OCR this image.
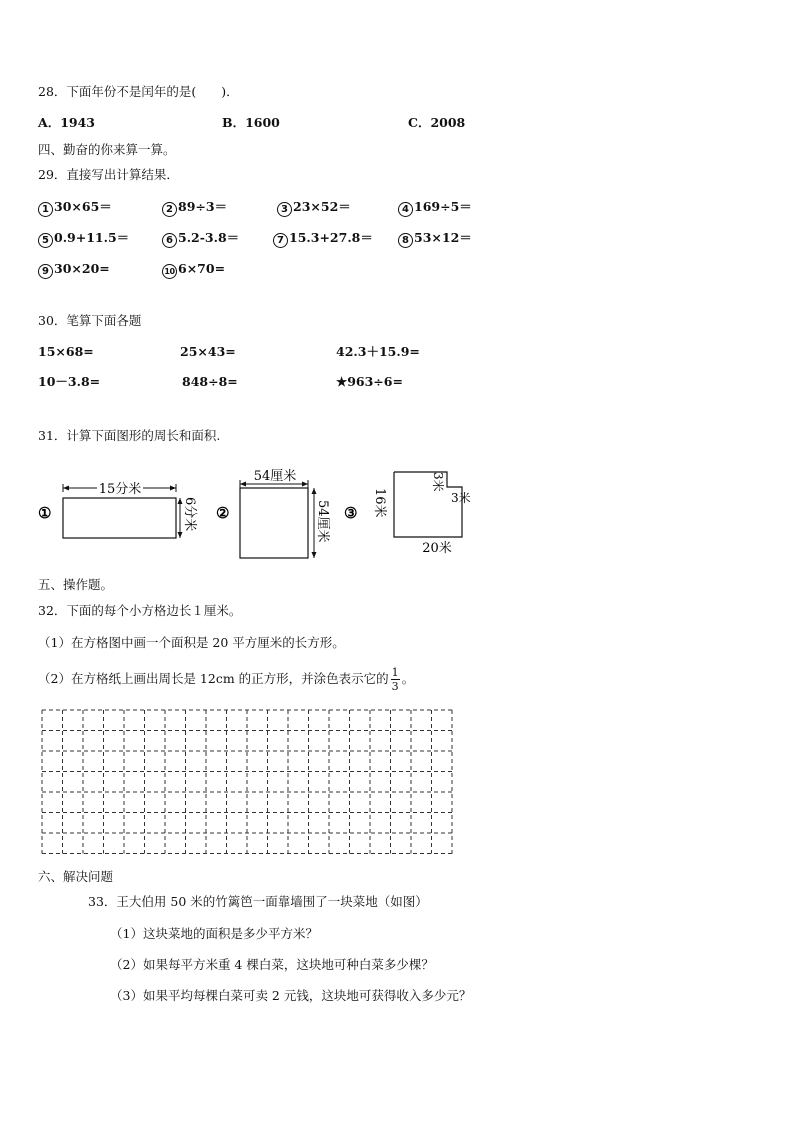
28．下面年份不是闰年的是(　　)．
A．1943	B．1600	C．2008
四、勤奋的你来算一算。
29．直接写出计算结果．
1 30×65＝	2 89÷3＝	3 23×52＝	4 169÷5＝
5 0.9+11.5＝	6 5.2-3.8＝	7 15.3+27.8＝	8 53×12＝
9 30×20=	10 6×70=
30．笔算下面各题
15×68=	25×43=	42.3＋15.9=
10－3.8=	848÷8=	★963÷6=
31．计算下面图形的周长和面积.
①
15分米
6分米 ②
54厘米
54厘米 ③ 16米
3米
3米
20米
五、操作题。
32．下面的每个小方格边长１厘米。
（1）在方格图中画一个面积是 20 平方厘米的长方形。
（2）在方格纸上画出周长是 12cm 的正方形，并涂色表示它的 $\frac{1}{3}$ 。
六、解决问题
33．王大伯用 50 米的竹篱笆一面靠墙围了一块菜地（如图）
（1）这块菜地的面积是多少平方米？
（2）如果每平方米重 4 棵白菜，这块地可种白菜多少棵？
（3）如果平均每棵白菜可卖 2 元钱，这块地可获得收入多少元？
